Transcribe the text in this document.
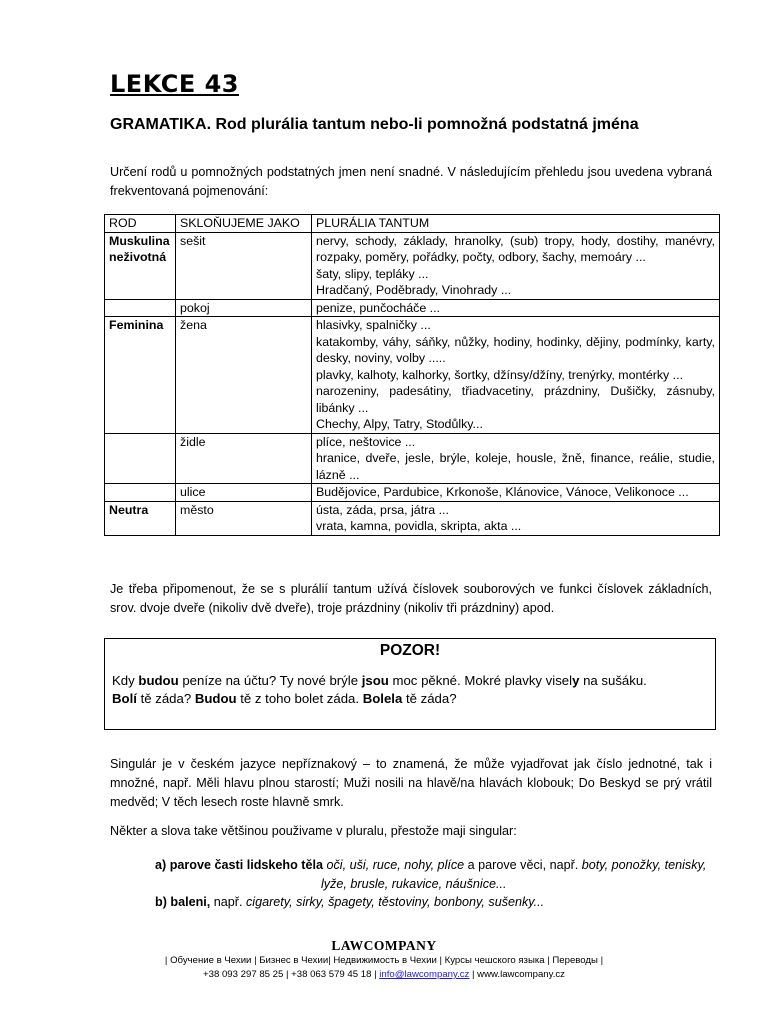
LEKCE 43
GRAMATIKA. Rod plurália tantum nebo-li pomnožná podstatná jména

Určení rodů u pomnožných podstatných jmen není snadné. V následujícím přehledu jsou uvedena vybraná frekventovaná pojmenování:

ROD	SKLOŇUJEME JAKO	PLURÁLIA TANTUM
Muskulina neživotná	sešit	nervy, schody, základy, hranolky, (sub) tropy, hody, dostihy, manévry, rozpaky, poměry, pořádky, počty, odbory, šachy, memoáry ...
šaty, slipy, tepláky ...
Hradčaný, Poděbrady, Vinohrady ...

	pokoj	penize, punčocháče ...

Feminina	žena	hlasivky, spalničky ...
katakomby, váhy, sáňky, nůžky, hodiny, hodinky, dějiny, podmínky, karty, desky, noviny, volby .....
plavky, kalhoty, kalhorky, šortky, džínsy/džíny, trenýrky, montérky ...
narozeniny, padesátiny, třiadvacetiny, prázdniny, Dušičky, zásnuby, libánky ...
Chechy, Alpy, Tatry, Stodůlky...

	židle	plíce, neštovice ...
hranice, dveře, jesle, brýle, koleje, housle, žně, finance, reálie, studie, lázně ...

	ulice	Budějovice, Pardubice, Krkonoše, Klánovice, Vánoce, Velikonoce ...

Neutra	město	ústa, záda, prsa, játra ...
vrata, kamna, povidla, skripta, akta ...

Je třeba připomenout, že se s plurálií tantum užívá číslovek souborových ve funkci číslovek základních, srov. dvoje dveře (nikoliv dvě dveře), troje prázdniny (nikoliv tři prázdniny) apod.

POZOR!
Kdy budou peníze na účtu? Ty nové brýle jsou moc pěkné. Mokré plavky visely na sušáku.
Bolí tě záda? Budou tě z toho bolet záda. Bolela tě záda?

Singulár je v českém jazyce nepříznakový – to znamená, že může vyjadřovat jak číslo jednotné, tak i množné, např. Měli hlavu plnou starostí; Muži nosili na hlavě/na hlavách klobouk; Do Beskyd se prý vrátil medvěd; V těch lesech roste hlavně smrk.

Někter a slova take většinou použivame v pluralu, přestože maji singular:

a) parove časti lidskeho těla oči, uši, ruce, nohy, plíce a parove věci, např. boty, ponožky, tenisky,
lyže, brusle, rukavice, náušnice...
b) baleni, např. cigarety, sirky, špagety, těstoviny, bonbony, sušenky...
LAWCOMPANY
| Обучение в Чехии | Бизнес в Чехии| Недвижимость в Чехии | Курсы чешского языка | Переводы |
+38 093 297 85 25 | +38 063 579 45 18 | info@lawcompany.cz | www.lawcompany.cz
